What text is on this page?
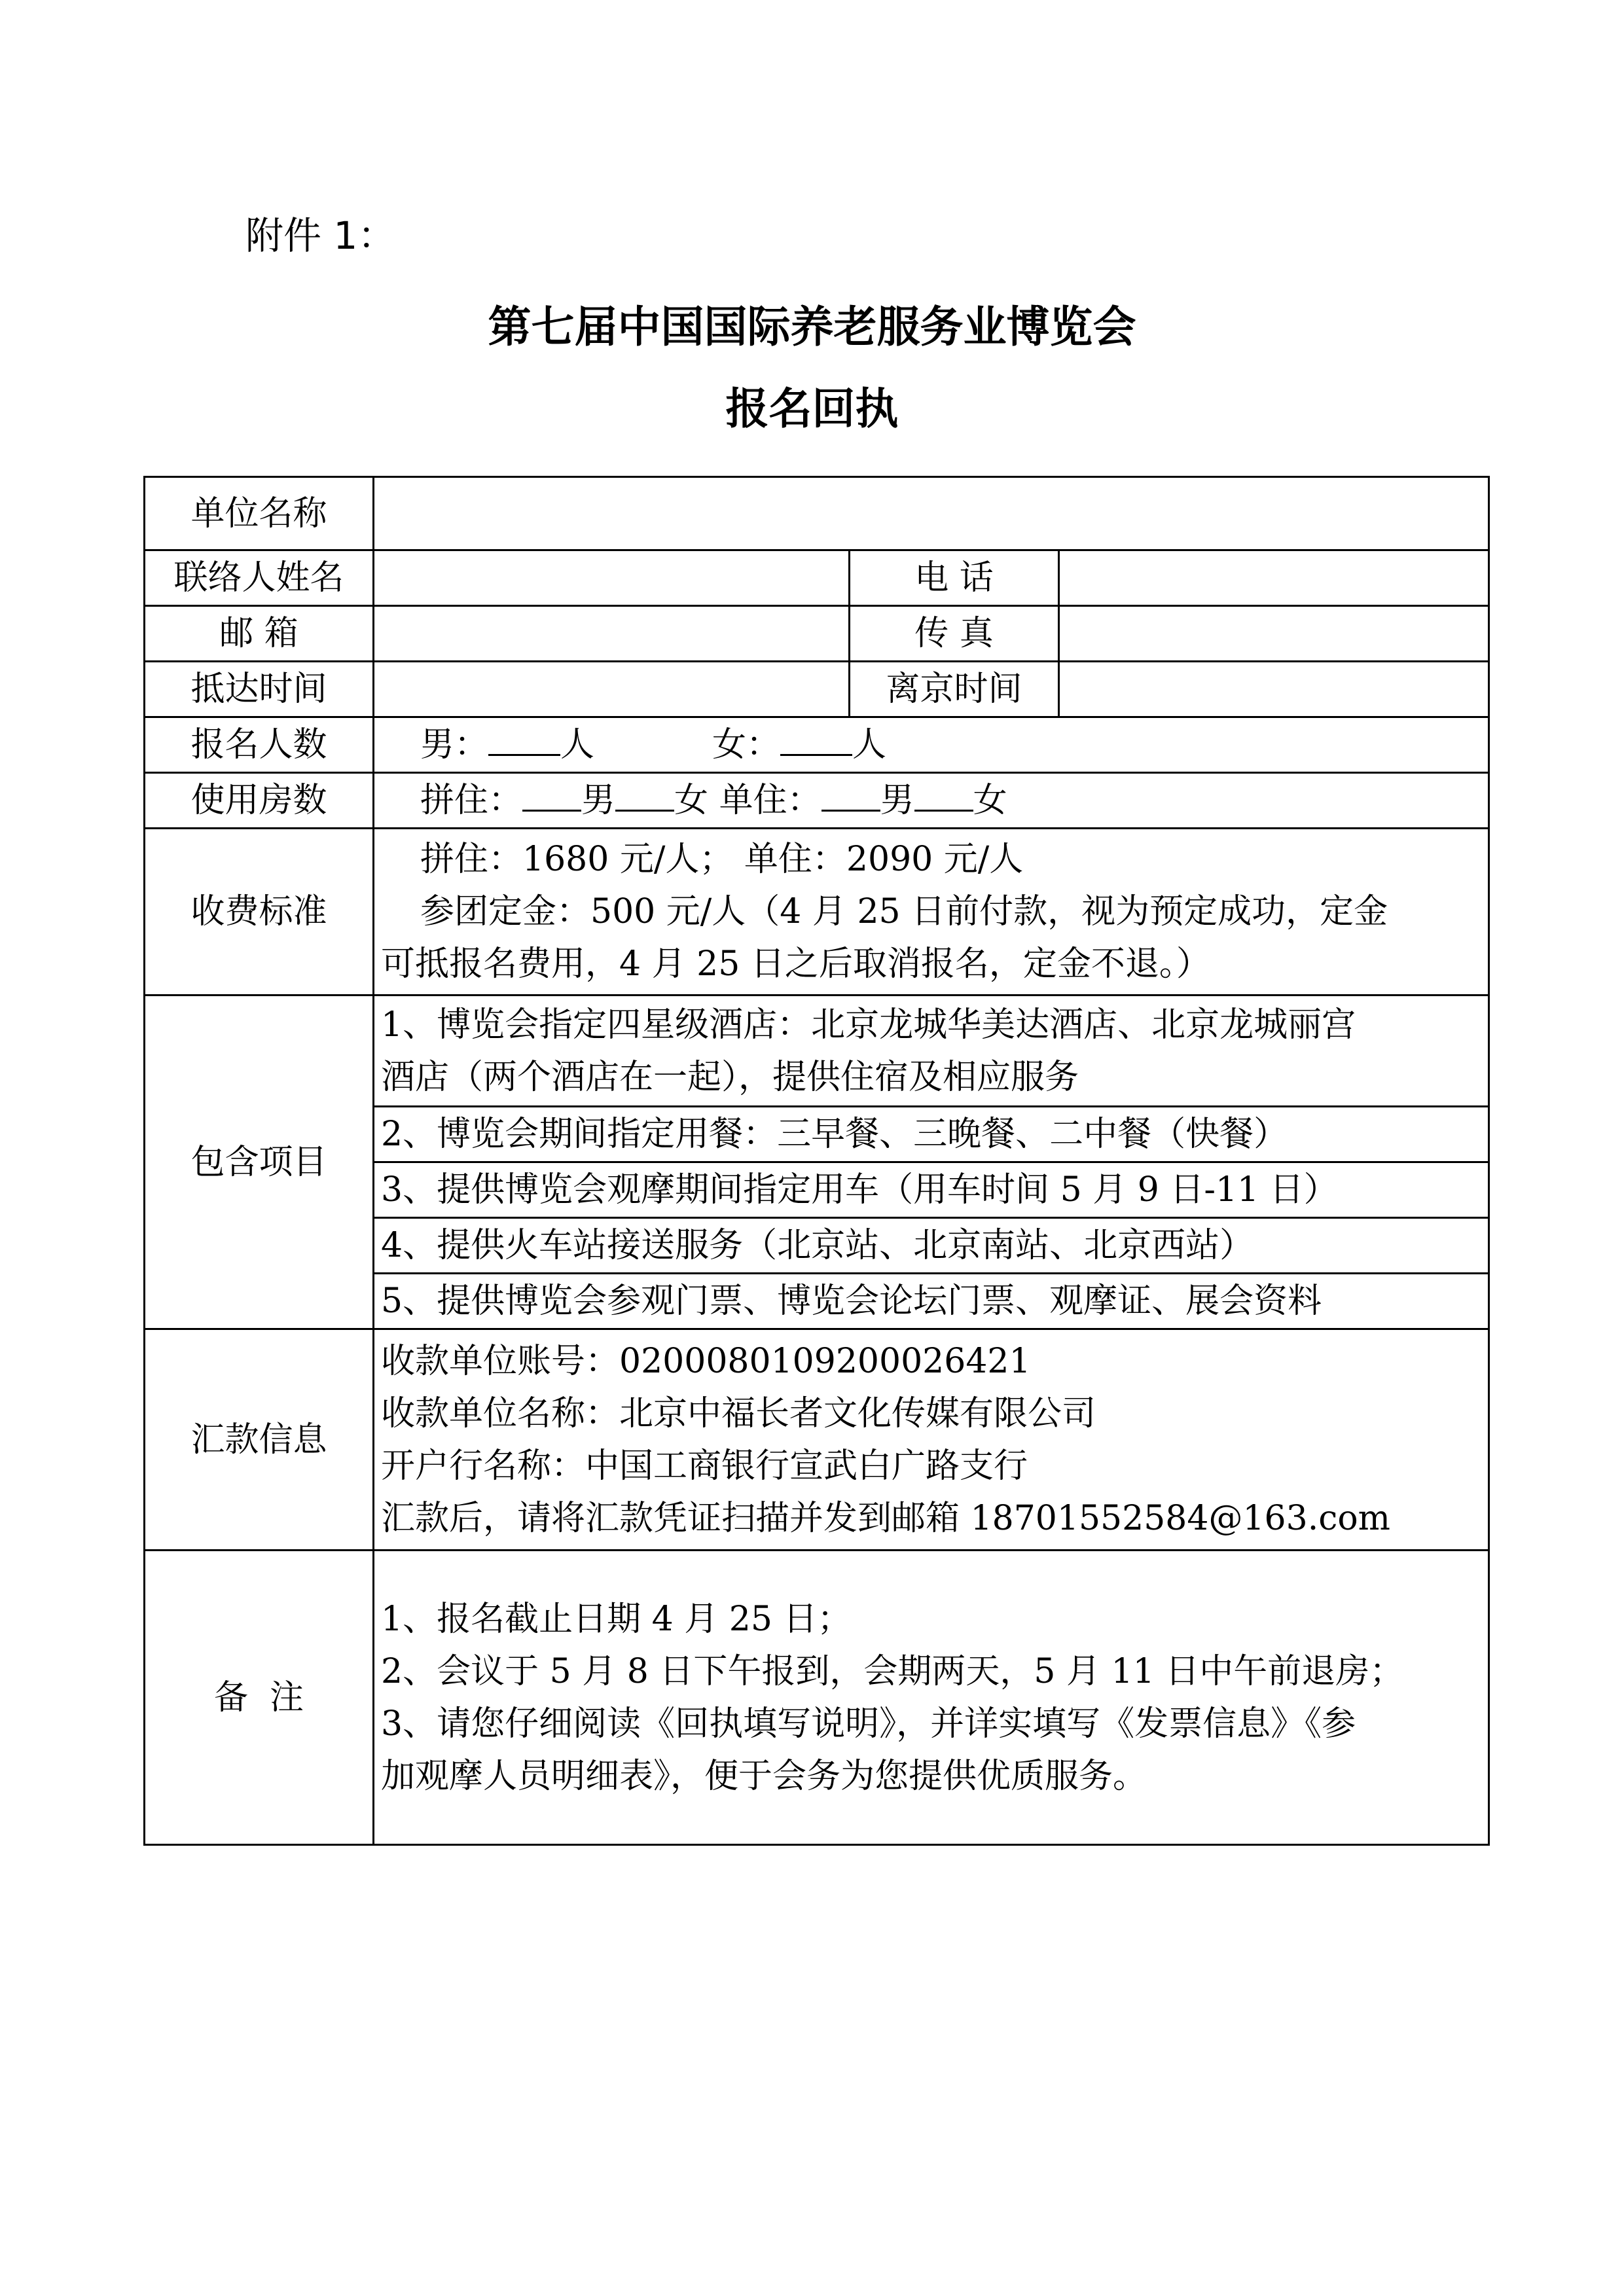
附件 1：
第七届中国国际养老服务业博览会
报名回执
单位名称			
联络人姓名		电 话	
邮 箱		传 真	
抵达时间		离京时间	
报名人数	男： 人 女： 人		
使用房数	拼住： 男 女 单住： 男 女		
收费标准	拼住：1680 元/人； 单住：2090 元/人
参团定金：500 元/人（4 月 25 日前付款，视为预定成功，定金
可抵报名费用，4 月 25 日之后取消报名，定金不退。）		

包含项目	1、博览会指定四星级酒店：北京龙城华美达酒店、北京龙城丽宫
酒店（两个酒店在一起），提供住宿及相应服务		

	2、博览会期间指定用餐：三早餐、三晚餐、二中餐（快餐）		
	3、提供博览会观摩期间指定用车（用车时间 5 月 9 日-11 日）		
	4、提供火车站接送服务（北京站、北京南站、北京西站）		
	5、提供博览会参观门票、博览会论坛门票、观摩证、展会资料		
汇款信息	收款单位账号：0200080109200026421
收款单位名称：北京中福长者文化传媒有限公司
开户行名称：中国工商银行宣武白广路支行
汇款后，请将汇款凭证扫描并发到邮箱 18701552584@163.com		

备  注	1、报名截止日期 4 月 25 日；
2、会议于 5 月 8 日下午报到，会期两天，5 月 11 日中午前退房；
3、请您仔细阅读《回执填写说明》，并详实填写《发票信息》《参
加观摩人员明细表》，便于会务为您提供优质服务。		
